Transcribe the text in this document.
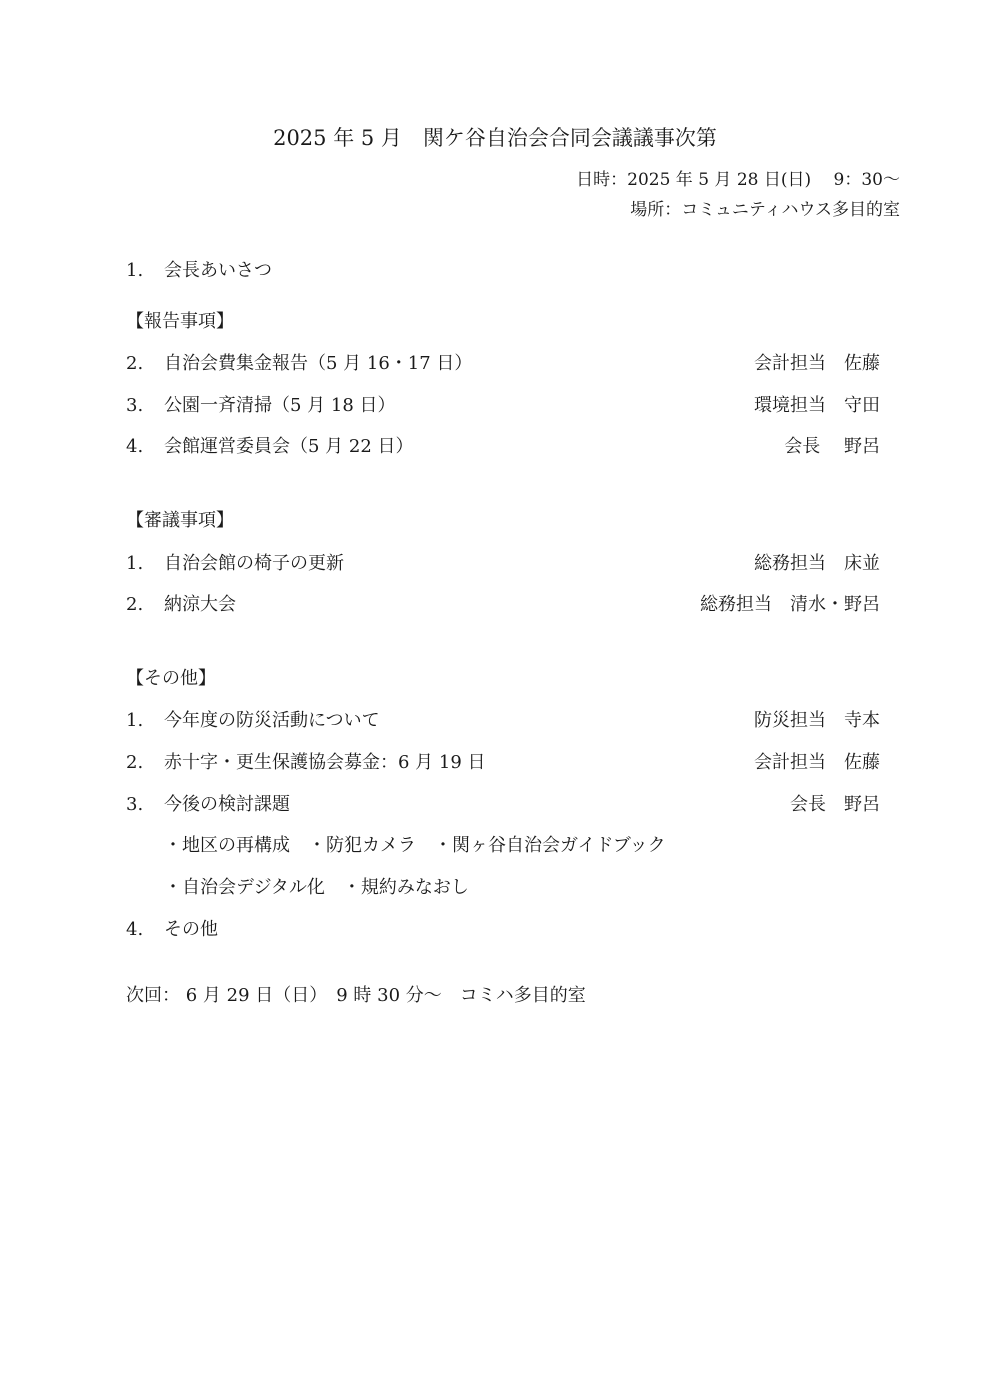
2025 年 5 月　関ケ谷自治会合同会議議事次第
日時：2025 年 5 月 28 日(日)　 9：30〜
場所：コミュニティハウス多目的室
1. 会長あいさつ
【報告事項】
2. 自治会費集金報告（5 月 16・17 日）	会計担当　佐藤
3. 公園一斉清掃（5 月 18 日）	環境担当　守田
4. 会館運営委員会（5 月 22 日）	会長　 野呂
【審議事項】
1. 自治会館の椅子の更新	総務担当　床並
2. 納涼大会	総務担当　清水・野呂
【その他】
1. 今年度の防災活動について	防災担当　寺本
2. 赤十字・更生保護協会募金：6 月 19 日	会計担当　佐藤
3. 今後の検討課題	会長　野呂
・地区の再構成　・防犯カメラ　・関ヶ谷自治会ガイドブック
・自治会デジタル化　・規約みなおし
4. その他
次回： 6 月 29 日（日）　9 時 30 分〜　コミハ多目的室
